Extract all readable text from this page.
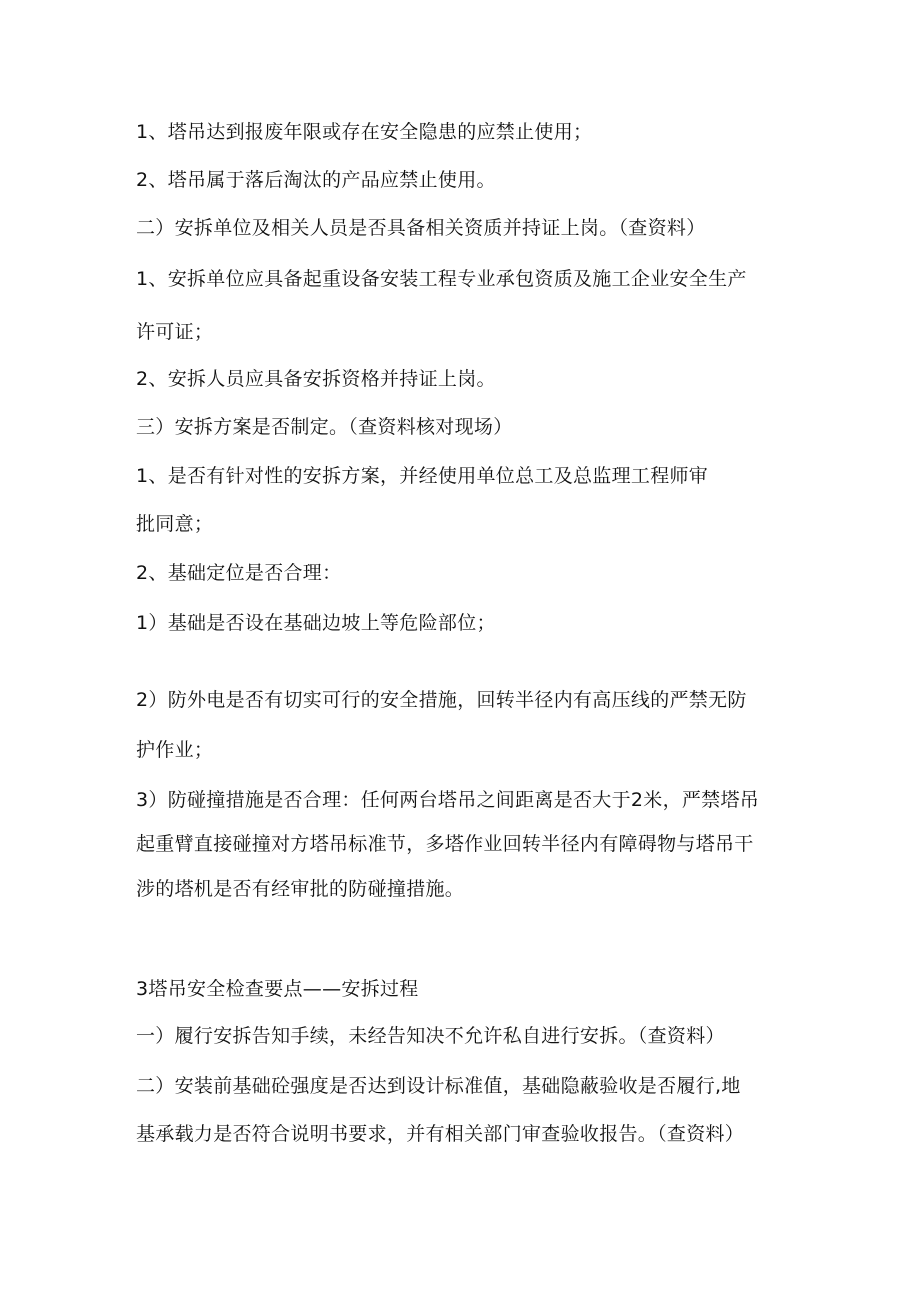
1、塔吊达到报废年限或存在安全隐患的应禁止使用；
2、塔吊属于落后淘汰的产品应禁止使用。
二）安拆单位及相关人员是否具备相关资质并持证上岗。（查资料）
1、安拆单位应具备起重设备安装工程专业承包资质及施工企业安全生产
许可证；
2、安拆人员应具备安拆资格并持证上岗。
三）安拆方案是否制定。（查资料核对现场）
1、是否有针对性的安拆方案，并经使用单位总工及总监理工程师审
批同意；
2、基础定位是否合理：
1）基础是否设在基础边坡上等危险部位；
2）防外电是否有切实可行的安全措施，回转半径内有高压线的严禁无防
护作业；
3）防碰撞措施是否合理：任何两台塔吊之间距离是否大于2米，严禁塔吊
起重臂直接碰撞对方塔吊标准节，多塔作业回转半径内有障碍物与塔吊干
涉的塔机是否有经审批的防碰撞措施。
3塔吊安全检查要点——安拆过程
一）履行安拆告知手续，未经告知决不允许私自进行安拆。（查资料）
二）安装前基础砼强度是否达到设计标准值，基础隐蔽验收是否履行,地
基承载力是否符合说明书要求，并有相关部门审查验收报告。（查资料）
